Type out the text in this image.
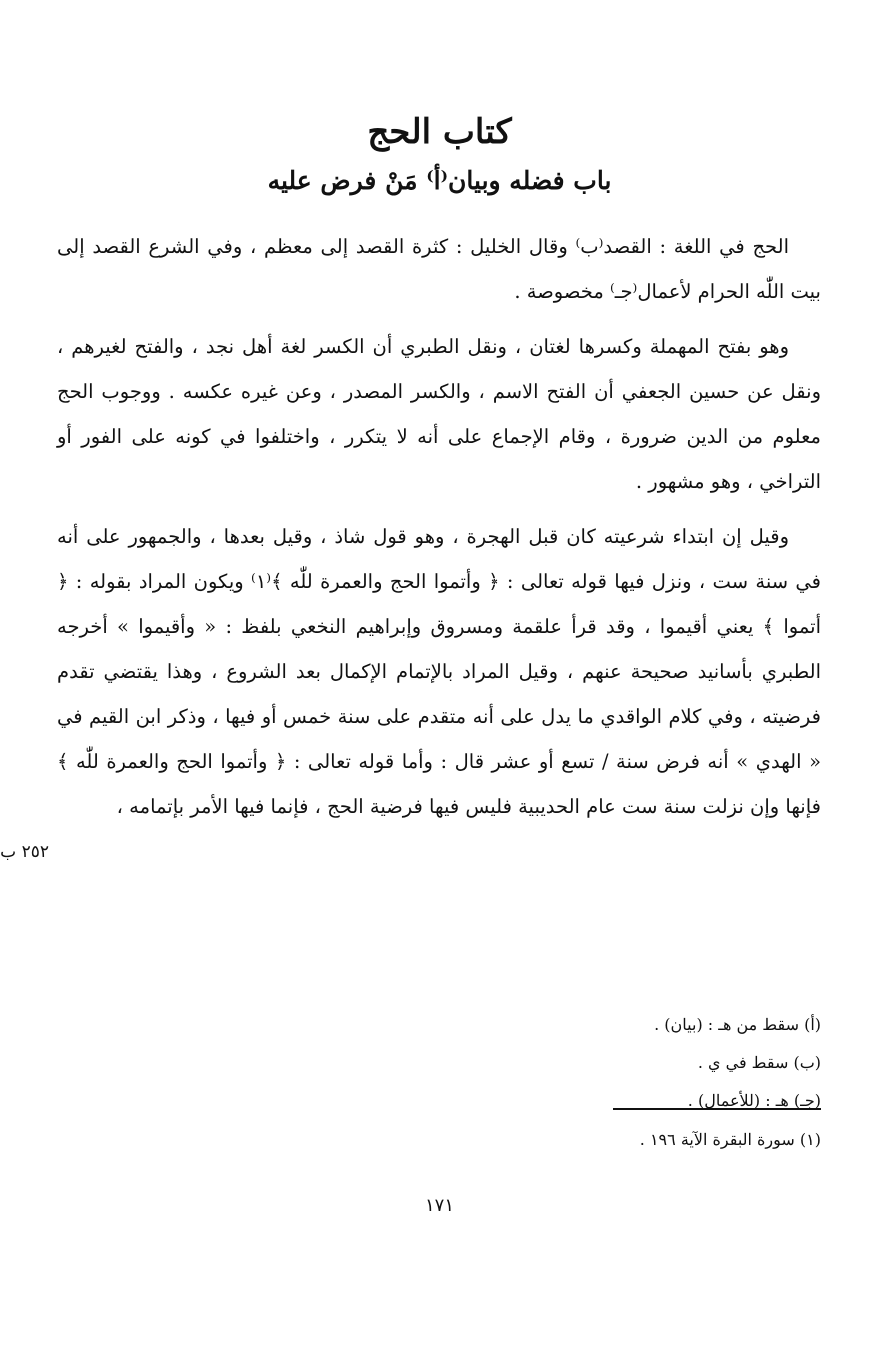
كتاب الحج
باب فضله وبيان⁽أ⁾ مَنْ فرض عليه

الحج في اللغة : القصد⁽ب⁾ وقال الخليل : كثرة القصد إلى معظم ، وفي الشرع القصد إلى بيت اللّٰه الحرام لأعمال⁽جـ⁾ مخصوصة .

وهو بفتح المهملة وكسرها لغتان ، ونقل الطبري أن الكسر لغة أهل نجد ، والفتح لغيرهم ، ونقل عن حسين الجعفي أن الفتح الاسم ، والكسر المصدر ، وعن غيره عكسه . ووجوب الحج معلوم من الدين ضرورة ، وقام الإجماع على أنه لا يتكرر ، واختلفوا في كونه على الفور أو التراخي ، وهو مشهور .

وقيل إن ابتداء شرعيته كان قبل الهجرة ، وهو قول شاذ ، وقيل بعدها ، والجمهور على أنه في سنة ست ، ونزل فيها قوله تعالى : ﴿ وأتموا الحج والعمرة للّٰه ﴾⁽١⁾ ويكون المراد بقوله : ﴿ أتموا ﴾ يعني أقيموا ، وقد قرأ علقمة ومسروق وإبراهيم النخعي بلفظ : « وأقيموا » أخرجه الطبري بأسانيد صحيحة عنهم ، وقيل المراد بالإتمام الإكمال بعد الشروع ، وهذا يقتضي تقدم فرضيته ، وفي كلام الواقدي ما يدل على أنه متقدم على سنة خمس أو فيها ، وذكر ابن القيم في « الهدي » أنه فرض سنة / تسع أو عشر قال : وأما قوله تعالى : ﴿ وأتموا الحج والعمرة للّٰه ﴾ فإنها وإن نزلت سنة ست عام الحديبية فليس فيها فرضية الحج ، فإنما فيها الأمر بإتمامه ،

٢٥٢ ب
(أ) سقط من هـ : (بيان) .
(ب) سقط في ي .
(جـ) هـ : (للأعمال) .
(١) سورة البقرة الآية ١٩٦ .
١٧١
